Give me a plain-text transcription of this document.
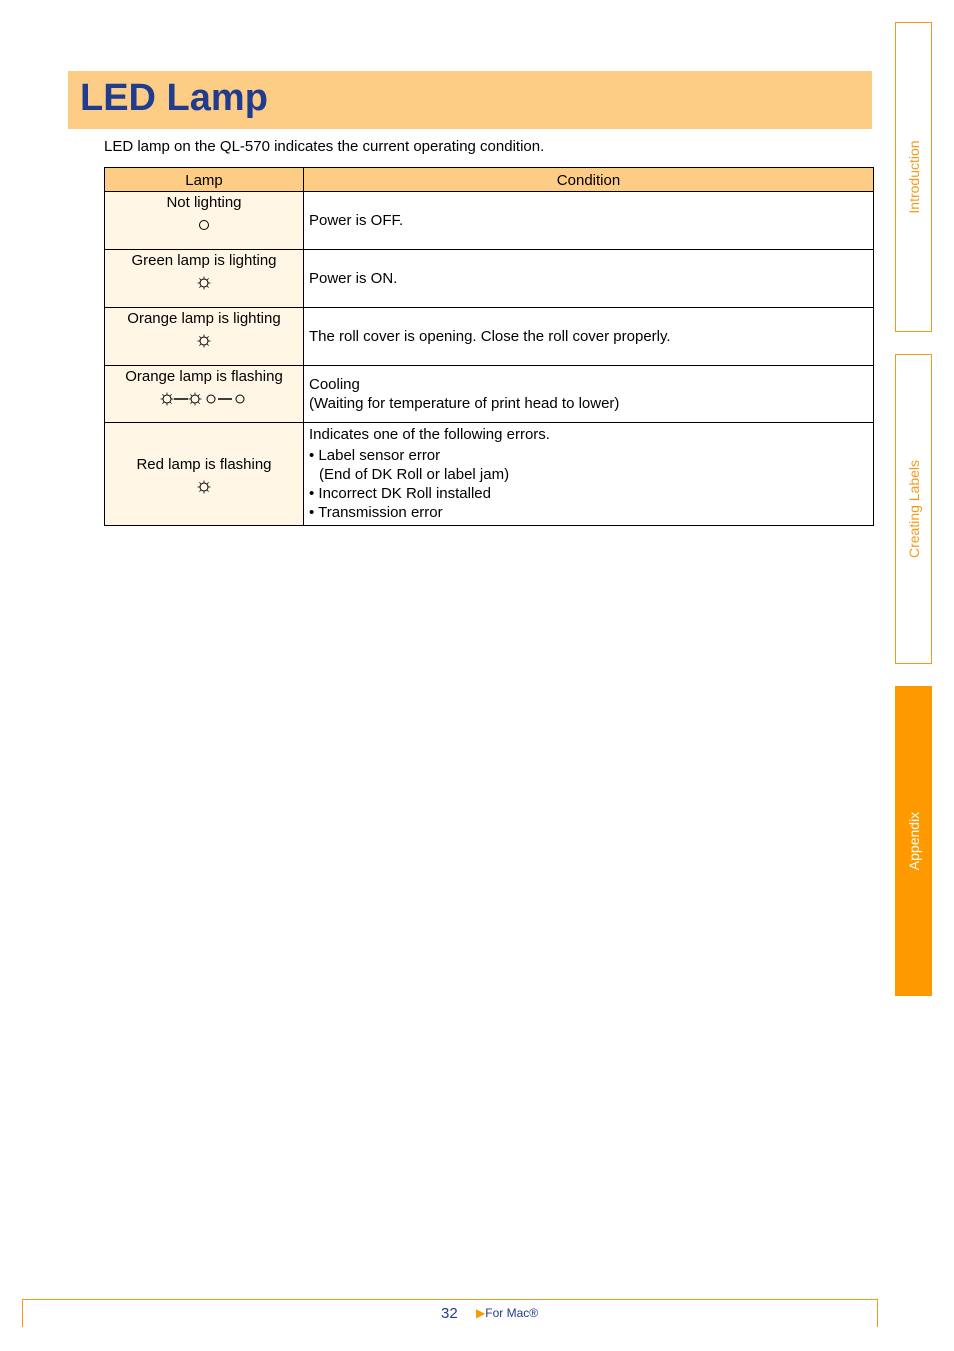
LED Lamp
LED lamp on the QL-570 indicates the current operating condition.
Lamp	Condition
Not lighting	Power is OFF.
Green lamp is lighting	Power is ON.
Orange lamp is lighting	The roll cover is opening. Close the roll cover properly.
Orange lamp is flashing	Cooling
(Waiting for temperature of print head to lower)

Red lamp is flashing	Indicates one of the following errors.
• Label sensor error
(End of DK Roll or label jam)
• Incorrect DK Roll installed
• Transmission error
Introduction
Creating Labels
Appendix
32 ▶For Mac®
